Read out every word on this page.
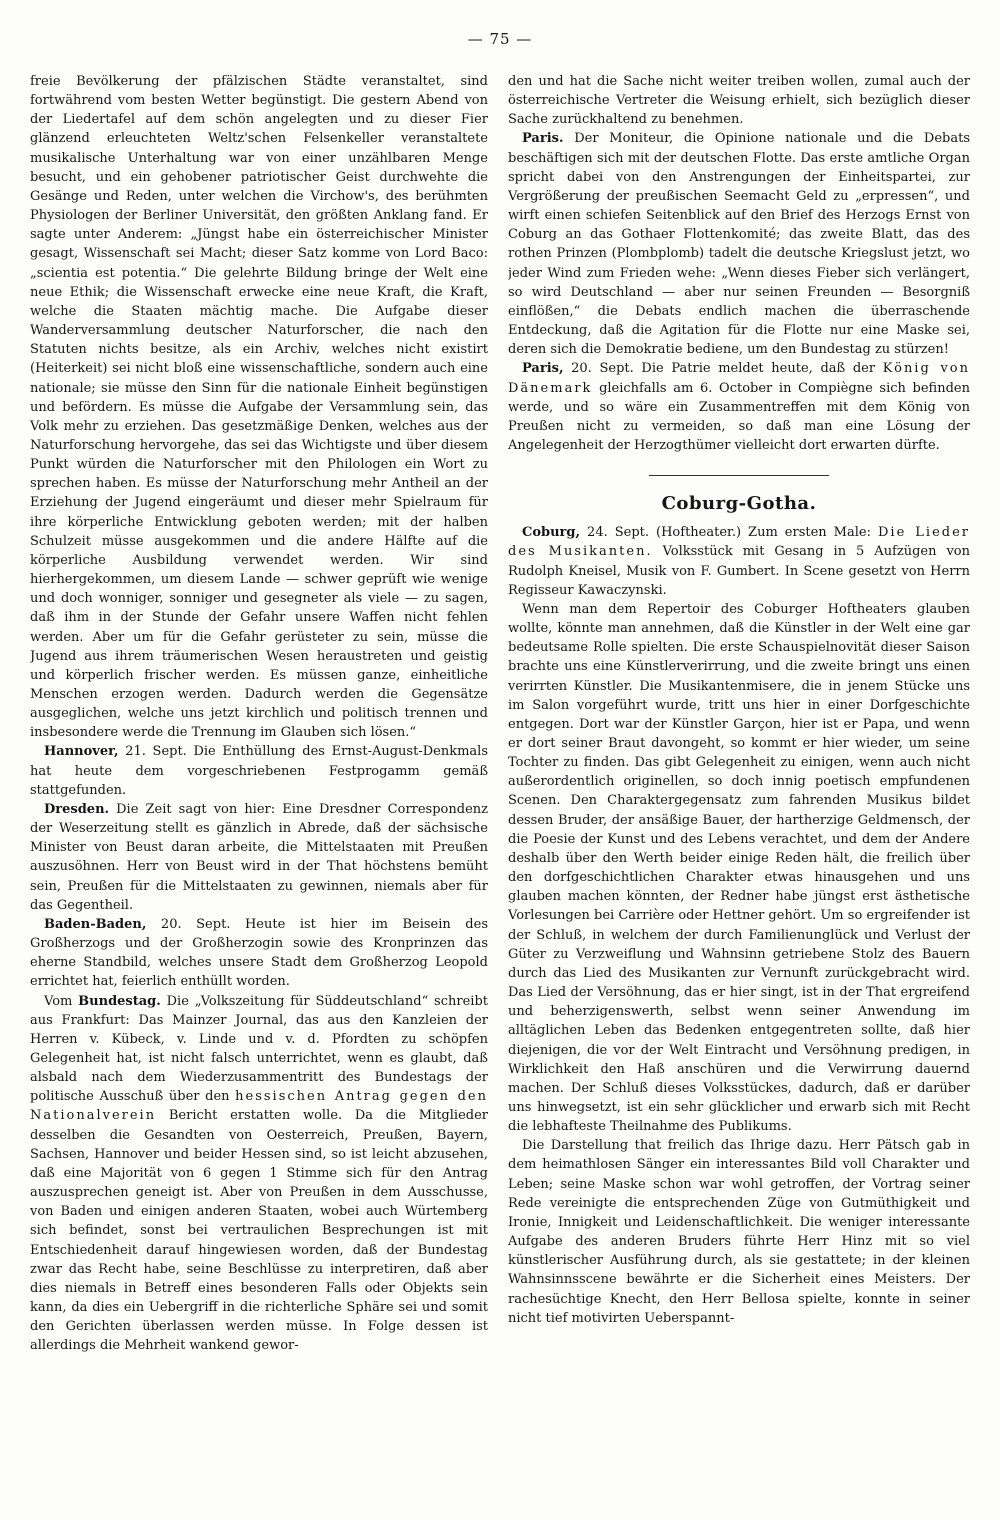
— 75 —

freie Bevölkerung der pfälzischen Städte veranstaltet, sind fortwährend vom besten Wetter begünstigt. Die gestern Abend von der Liedertafel auf dem schön angelegten und zu dieser Fier glänzend erleuchteten Weltz'schen Felsenkeller veranstaltete musikalische Unterhaltung war von einer unzählbaren Menge besucht, und ein gehobener patriotischer Geist durchwehte die Gesänge und Reden, unter welchen die Virchow's, des berühmten Physiologen der Berliner Universität, den größten Anklang fand. Er sagte unter Anderem: „Jüngst habe ein österreichischer Minister gesagt, Wissenschaft sei Macht; dieser Satz komme von Lord Baco: „scientia est potentia.“ Die gelehrte Bildung bringe der Welt eine neue Ethik; die Wissenschaft erwecke eine neue Kraft, die Kraft, welche die Staaten mächtig mache. Die Aufgabe dieser Wanderversammlung deutscher Naturforscher, die nach den Statuten nichts besitze, als ein Archiv, welches nicht existirt (Heiterkeit) sei nicht bloß eine wissenschaftliche, sondern auch eine nationale; sie müsse den Sinn für die nationale Einheit begünstigen und befördern. Es müsse die Aufgabe der Versammlung sein, das Volk mehr zu erziehen. Das gesetzmäßige Denken, welches aus der Naturforschung hervorgehe, das sei das Wichtigste und über diesem Punkt würden die Naturforscher mit den Philologen ein Wort zu sprechen haben. Es müsse der Naturforschung mehr Antheil an der Erziehung der Jugend eingeräumt und dieser mehr Spielraum für ihre körperliche Entwicklung geboten werden; mit der halben Schulzeit müsse ausgekommen und die andere Hälfte auf die körperliche Ausbildung verwendet werden. Wir sind hierhergekommen, um diesem Lande — schwer geprüft wie wenige und doch wonniger, sonniger und gesegneter als viele — zu sagen, daß ihm in der Stunde der Gefahr unsere Waffen nicht fehlen werden. Aber um für die Gefahr gerüsteter zu sein, müsse die Jugend aus ihrem träumerischen Wesen heraustreten und geistig und körperlich frischer werden. Es müssen ganze, einheitliche Menschen erzogen werden. Dadurch werden die Gegensätze ausgeglichen, welche uns jetzt kirchlich und politisch trennen und insbesondere werde die Trennung im Glauben sich lösen.“

Hannover, 21. Sept. Die Enthüllung des Ernst-August-Denkmals hat heute dem vorgeschriebenen Festprogamm gemäß stattgefunden.

Dresden. Die Zeit sagt von hier: Eine Dresdner Correspondenz der Weserzeitung stellt es gänzlich in Abrede, daß der sächsische Minister von Beust daran arbeite, die Mittelstaaten mit Preußen auszusöhnen. Herr von Beust wird in der That höchstens bemüht sein, Preußen für die Mittelstaaten zu gewinnen, niemals aber für das Gegentheil.

Baden-Baden, 20. Sept. Heute ist hier im Beisein des Großherzogs und der Großherzogin sowie des Kronprinzen das eherne Standbild, welches unsere Stadt dem Großherzog Leopold errichtet hat, feierlich enthüllt worden.

Vom Bundestag. Die „Volkszeitung für Süddeutschland“ schreibt aus Frankfurt: Das Mainzer Journal, das aus den Kanzleien der Herren v. Kübeck, v. Linde und v. d. Pfordten zu schöpfen Gelegenheit hat, ist nicht falsch unterrichtet, wenn es glaubt, daß alsbald nach dem Wiederzusammentritt des Bundestags der politische Ausschuß über den hessischen Antrag gegen den Nationalverein Bericht erstatten wolle. Da die Mitglieder desselben die Gesandten von Oesterreich, Preußen, Bayern, Sachsen, Hannover und beider Hessen sind, so ist leicht abzusehen, daß eine Majorität von 6 gegen 1 Stimme sich für den Antrag auszusprechen geneigt ist. Aber von Preußen in dem Ausschusse, von Baden und einigen anderen Staaten, wobei auch Würtemberg sich befindet, sonst bei vertraulichen Besprechungen ist mit Entschiedenheit darauf hingewiesen worden, daß der Bundestag zwar das Recht habe, seine Beschlüsse zu interpretiren, daß aber dies niemals in Betreff eines besonderen Falls oder Objekts sein kann, da dies ein Uebergriff in die richterliche Sphäre sei und somit den Gerichten überlassen werden müsse. In Folge dessen ist allerdings die Mehrheit wankend gewor-

den und hat die Sache nicht weiter treiben wollen, zumal auch der österreichische Vertreter die Weisung erhielt, sich bezüglich dieser Sache zurückhaltend zu benehmen.

Paris. Der Moniteur, die Opinione nationale und die Debats beschäftigen sich mit der deutschen Flotte. Das erste amtliche Organ spricht dabei von den Anstrengungen der Einheitspartei, zur Vergrößerung der preußischen Seemacht Geld zu „erpressen“, und wirft einen schiefen Seitenblick auf den Brief des Herzogs Ernst von Coburg an das Gothaer Flottenkomité; das zweite Blatt, das des rothen Prinzen (Plombplomb) tadelt die deutsche Kriegslust jetzt, wo jeder Wind zum Frieden wehe: „Wenn dieses Fieber sich verlängert, so wird Deutschland — aber nur seinen Freunden — Besorgniß einflößen,“ die Debats endlich machen die überraschende Entdeckung, daß die Agitation für die Flotte nur eine Maske sei, deren sich die Demokratie bediene, um den Bundestag zu stürzen!

Paris, 20. Sept. Die Patrie meldet heute, daß der König von Dänemark gleichfalls am 6. October in Compiègne sich befinden werde, und so wäre ein Zusammentreffen mit dem König von Preußen nicht zu vermeiden, so daß man eine Lösung der Angelegenheit der Herzogthümer vielleicht dort erwarten dürfte.

Coburg-Gotha.

Coburg, 24. Sept. (Hoftheater.) Zum ersten Male: Die Lieder des Musikanten. Volksstück mit Gesang in 5 Aufzügen von Rudolph Kneisel, Musik von F. Gumbert. In Scene gesetzt von Herrn Regisseur Kawaczynski.

Wenn man dem Repertoir des Coburger Hoftheaters glauben wollte, könnte man annehmen, daß die Künstler in der Welt eine gar bedeutsame Rolle spielten. Die erste Schauspielnovität dieser Saison brachte uns eine Künstlerverirrung, und die zweite bringt uns einen verirrten Künstler. Die Musikantenmisere, die in jenem Stücke uns im Salon vorgeführt wurde, tritt uns hier in einer Dorfgeschichte entgegen. Dort war der Künstler Garçon, hier ist er Papa, und wenn er dort seiner Braut davongeht, so kommt er hier wieder, um seine Tochter zu finden. Das gibt Gelegenheit zu einigen, wenn auch nicht außerordentlich originellen, so doch innig poetisch empfundenen Scenen. Den Charaktergegensatz zum fahrenden Musikus bildet dessen Bruder, der ansäßige Bauer, der hartherzige Geldmensch, der die Poesie der Kunst und des Lebens verachtet, und dem der Andere deshalb über den Werth beider einige Reden hält, die freilich über den dorfgeschichtlichen Charakter etwas hinausgehen und uns glauben machen könnten, der Redner habe jüngst erst ästhetische Vorlesungen bei Carrière oder Hettner gehört. Um so ergreifender ist der Schluß, in welchem der durch Familienunglück und Verlust der Güter zu Verzweiflung und Wahnsinn getriebene Stolz des Bauern durch das Lied des Musikanten zur Vernunft zurückgebracht wird. Das Lied der Versöhnung, das er hier singt, ist in der That ergreifend und beherzigenswerth, selbst wenn seiner Anwendung im alltäglichen Leben das Bedenken entgegentreten sollte, daß hier diejenigen, die vor der Welt Eintracht und Versöhnung predigen, in Wirklichkeit den Haß anschüren und die Verwirrung dauernd machen. Der Schluß dieses Volksstückes, dadurch, daß er darüber uns hinwegsetzt, ist ein sehr glücklicher und erwarb sich mit Recht die lebhafteste Theilnahme des Publikums.

Die Darstellung that freilich das Ihrige dazu. Herr Pätsch gab in dem heimathlosen Sänger ein interessantes Bild voll Charakter und Leben; seine Maske schon war wohl getroffen, der Vortrag seiner Rede vereinigte die entsprechenden Züge von Gutmüthigkeit und Ironie, Innigkeit und Leidenschaftlichkeit. Die weniger interessante Aufgabe des anderen Bruders führte Herr Hinz mit so viel künstlerischer Ausführung durch, als sie gestattete; in der kleinen Wahnsinnsscene bewährte er die Sicherheit eines Meisters. Der rachesüchtige Knecht, den Herr Bellosa spielte, konnte in seiner nicht tief motivirten Ueberspannt-
